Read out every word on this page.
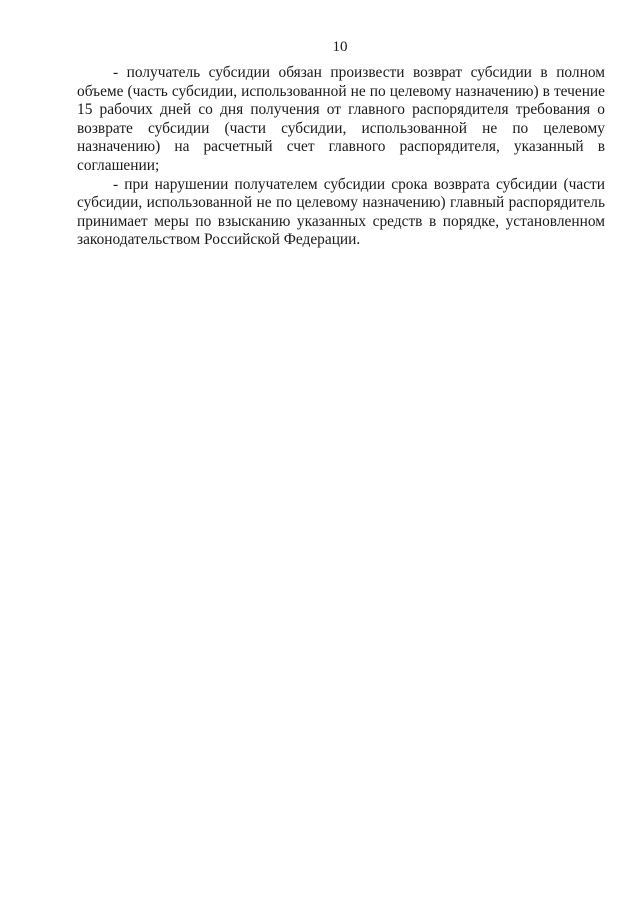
10

- получатель субсидии обязан произвести возврат субсидии в полном объеме (часть субсидии, использованной не по целевому назначению) в течение 15 рабочих дней со дня получения от главного распорядителя требования о возврате субсидии (части субсидии, использованной не по целевому назначению) на расчетный счет главного распорядителя, указанный в соглашении;

- при нарушении получателем субсидии срока возврата субсидии (части субсидии, использованной не по целевому назначению) главный распорядитель принимает меры по взысканию указанных средств в порядке, установленном законодательством Российской Федерации.
